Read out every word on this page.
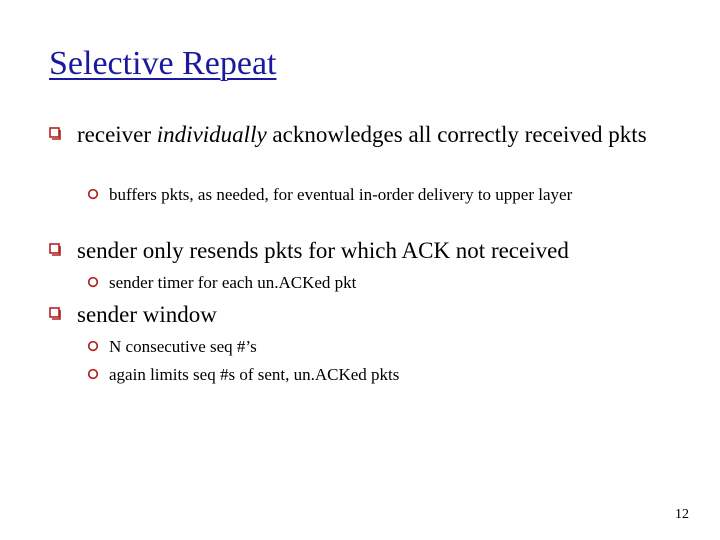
Selective Repeat
receiver individually acknowledges all correctly received pkts
buffers pkts, as needed, for eventual in-order delivery to upper layer
sender only resends pkts for which ACK not received
sender timer for each un.ACKed pkt
sender window
N consecutive seq #’s
again limits seq #s of sent, un.ACKed pkts
12
